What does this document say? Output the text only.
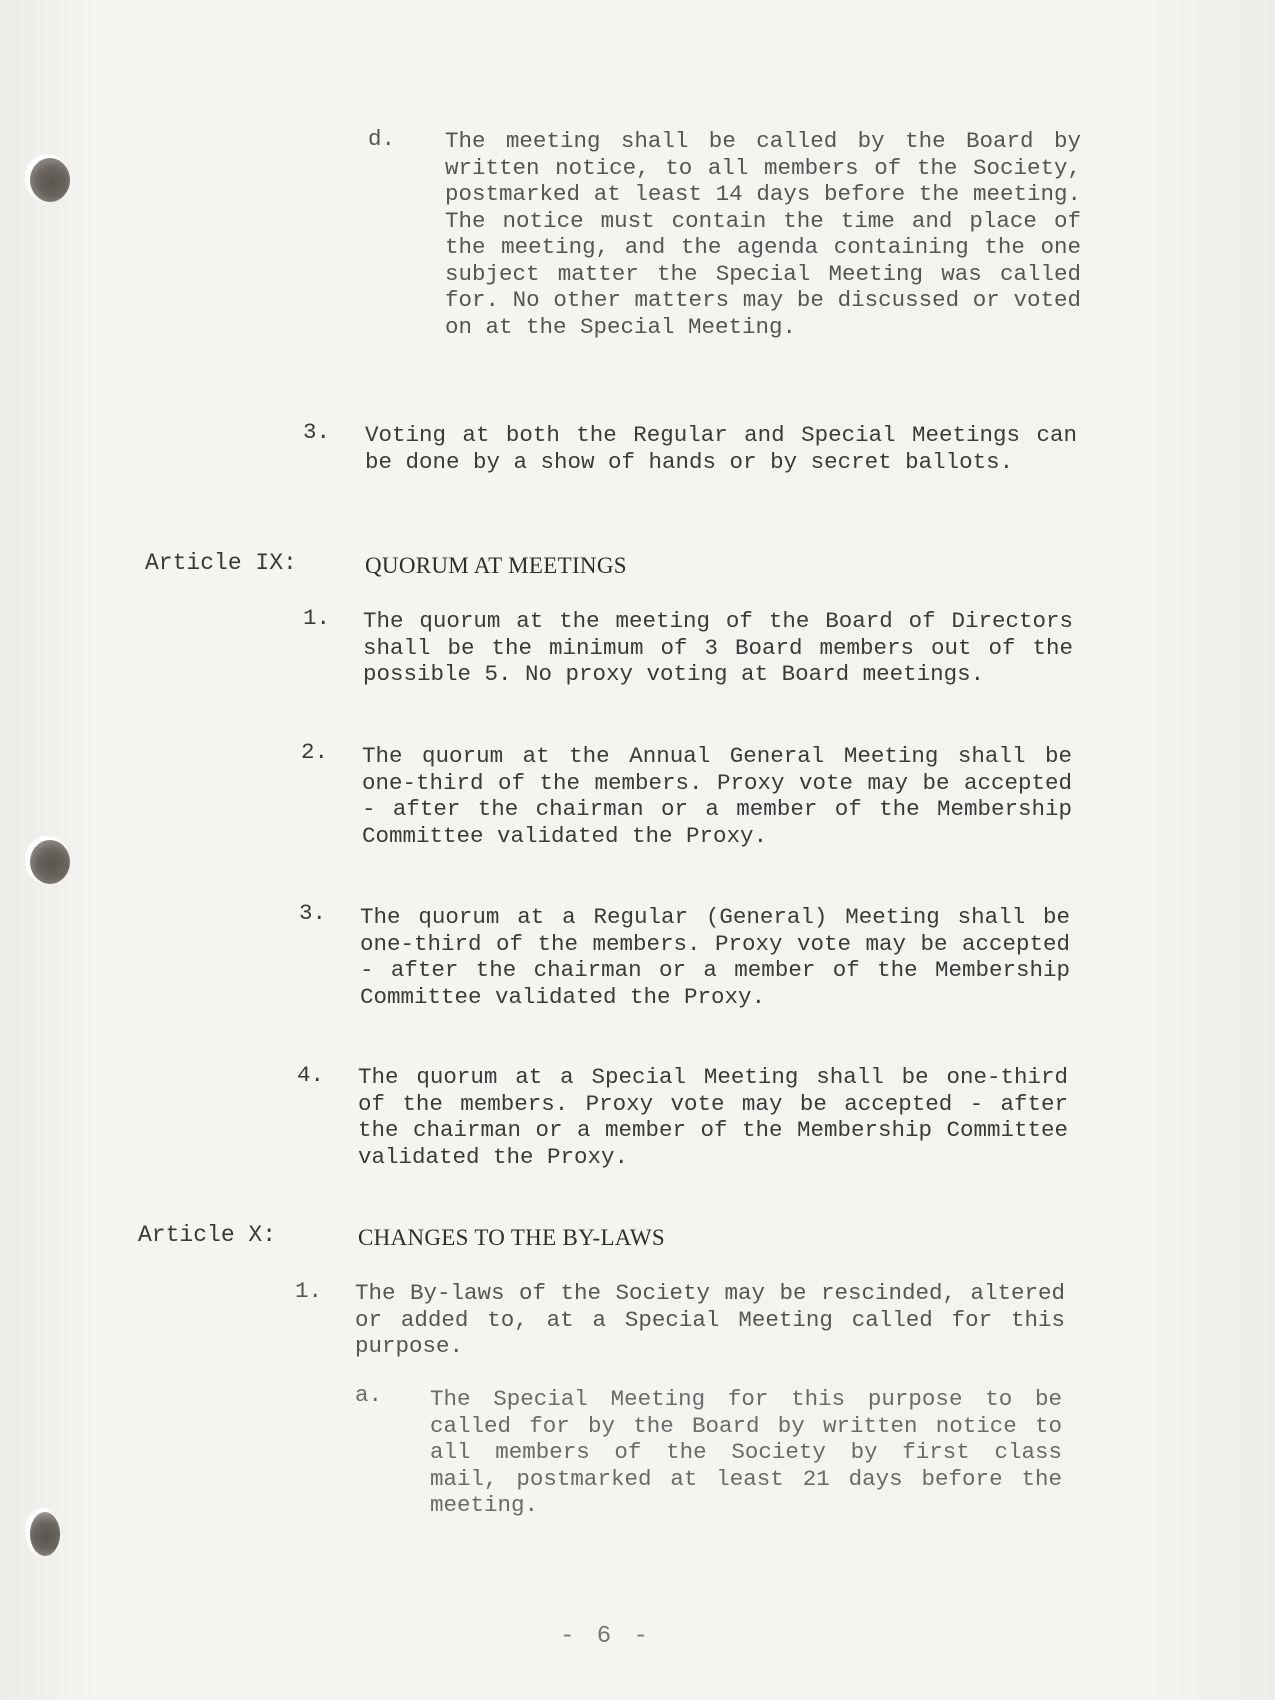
d. The meeting shall be called by the Board by written notice, to all members of the Society, postmarked at least 14 days before the meeting. The notice must contain the time and place of the meeting, and the agenda containing the one subject matter the Special Meeting was called for. No other matters may be discussed or voted on at the Special Meeting.
3. Voting at both the Regular and Special Meetings can be done by a show of hands or by secret ballots.
Article IX:	QUORUM AT MEETINGS
1. The quorum at the meeting of the Board of Directors shall be the minimum of 3 Board members out of the possible 5. No proxy voting at Board meetings.
2. The quorum at the Annual General Meeting shall be one-third of the members. Proxy vote may be accepted - after the chairman or a member of the Membership Committee validated the Proxy.
3. The quorum at a Regular (General) Meeting shall be one-third of the members. Proxy vote may be accepted - after the chairman or a member of the Membership Committee validated the Proxy.
4. The quorum at a Special Meeting shall be one-third of the members. Proxy vote may be accepted - after the chairman or a member of the Membership Committee validated the Proxy.
Article X:	CHANGES TO THE BY-LAWS
1. The By-laws of the Society may be rescinded, altered or added to, at a Special Meeting called for this purpose.
a. The Special Meeting for this purpose to be called for by the Board by written notice to all members of the Society by first class mail, postmarked at least 21 days before the meeting.
- 6 -
